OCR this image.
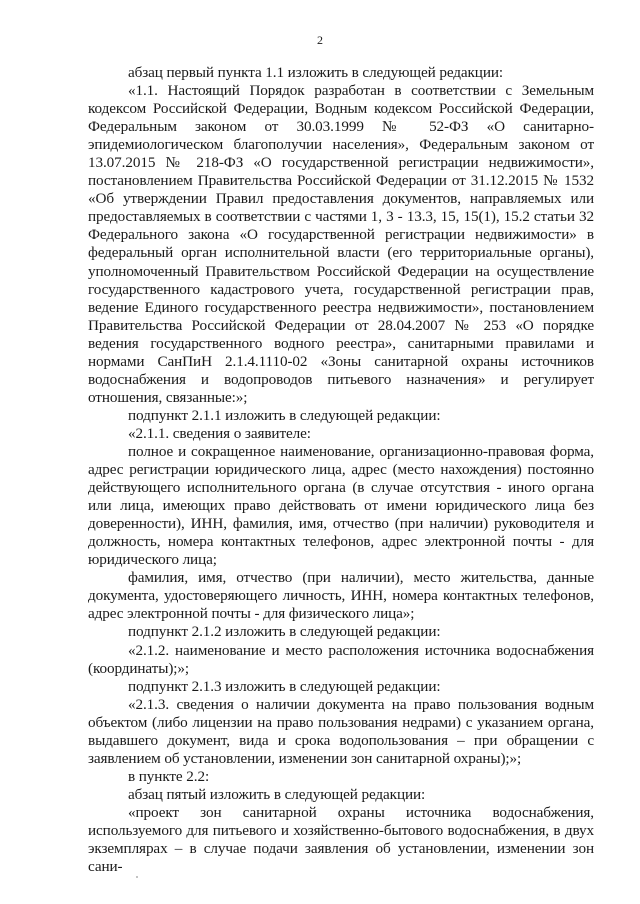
2

абзац первый пункта 1.1 изложить в следующей редакции:

«1.1. Настоящий Порядок разработан в соответствии с Земельным кодексом Российской Федерации, Водным кодексом Российской Федерации, Федеральным законом от 30.03.1999 № 52-ФЗ «О санитарно-эпидемиологическом благополучии населения», Федеральным законом от 13.07.2015 № 218-ФЗ «О государственной регистрации недвижимости», постановлением Правительства Российской Федерации от 31.12.2015 № 1532 «Об утверждении Правил предоставления документов, направляемых или предоставляемых в соответствии с частями 1, 3 - 13.3, 15, 15(1), 15.2 статьи 32 Федерального закона «О государственной регистрации недвижимости» в федеральный орган исполнительной власти (его территориальные органы), уполномоченный Правительством Российской Федерации на осуществление государственного кадастрового учета, государственной регистрации прав, ведение Единого государственного реестра недвижимости», постановлением Правительства Российской Федерации от 28.04.2007 № 253 «О порядке ведения государственного водного реестра», санитарными правилами и нормами СанПиН 2.1.4.1110-02 «Зоны санитарной охраны источников водоснабжения и водопроводов питьевого назначения» и регулирует отношения, связанные:»;

подпункт 2.1.1 изложить в следующей редакции:

«2.1.1. сведения о заявителе:

полное и сокращенное наименование, организационно-правовая форма, адрес регистрации юридического лица, адрес (место нахождения) постоянно действующего исполнительного органа (в случае отсутствия - иного органа или лица, имеющих право действовать от имени юридического лица без доверенности), ИНН, фамилия, имя, отчество (при наличии) руководителя и должность, номера контактных телефонов, адрес электронной почты - для юридического лица;

фамилия, имя, отчество (при наличии), место жительства, данные документа, удостоверяющего личность, ИНН, номера контактных телефонов, адрес электронной почты - для физического лица»;

подпункт 2.1.2 изложить в следующей редакции:

«2.1.2. наименование и место расположения источника водоснабжения (координаты);»;

подпункт 2.1.3 изложить в следующей редакции:

«2.1.3. сведения о наличии документа на право пользования водным объектом (либо лицензии на право пользования недрами) с указанием органа, выдавшего документ, вида и срока водопользования – при обращении с заявлением об установлении, изменении зон санитарной охраны);»;

в пункте 2.2:

абзац пятый изложить в следующей редакции:

«проект зон санитарной охраны источника водоснабжения, используемого для питьевого и хозяйственно-бытового водоснабжения, в двух экземплярах – в случае подачи заявления об установлении, изменении зон сани-
